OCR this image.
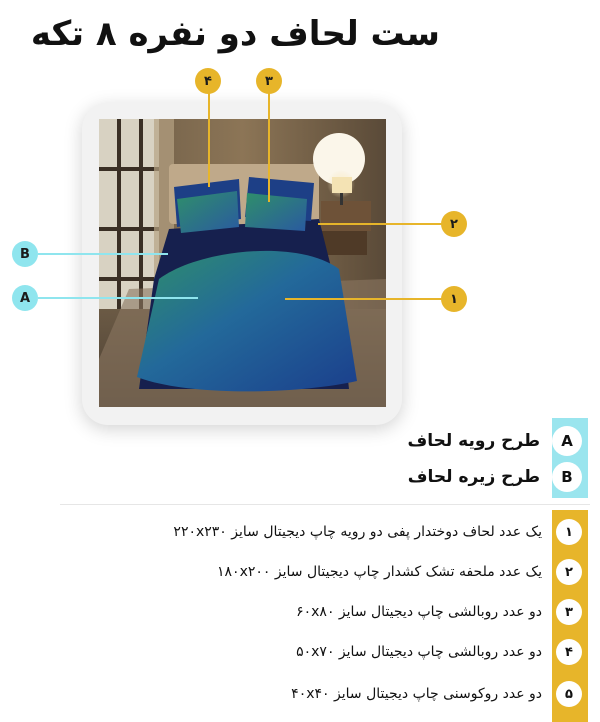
ست لحاف دو نفره ۸ تکه
۴	۳
۲
۱
B
A
طرح رویه لحاف	A
طرح زیره لحاف	B
یک عدد لحاف دوختدار پفی دو رویه چاپ دیجیتال سایز ۲۲۰x۲۳۰	۱
یک عدد ملحفه تشک کشدار چاپ دیجیتال سایز ۱۸۰x۲۰۰	۲
دو عدد روبالشی چاپ دیجیتال سایز ۶۰x۸۰	۳
دو عدد روبالشی چاپ دیجیتال سایز ۵۰x۷۰	۴
دو عدد روکوسنی چاپ دیجیتال سایز ۴۰x۴۰	۵
